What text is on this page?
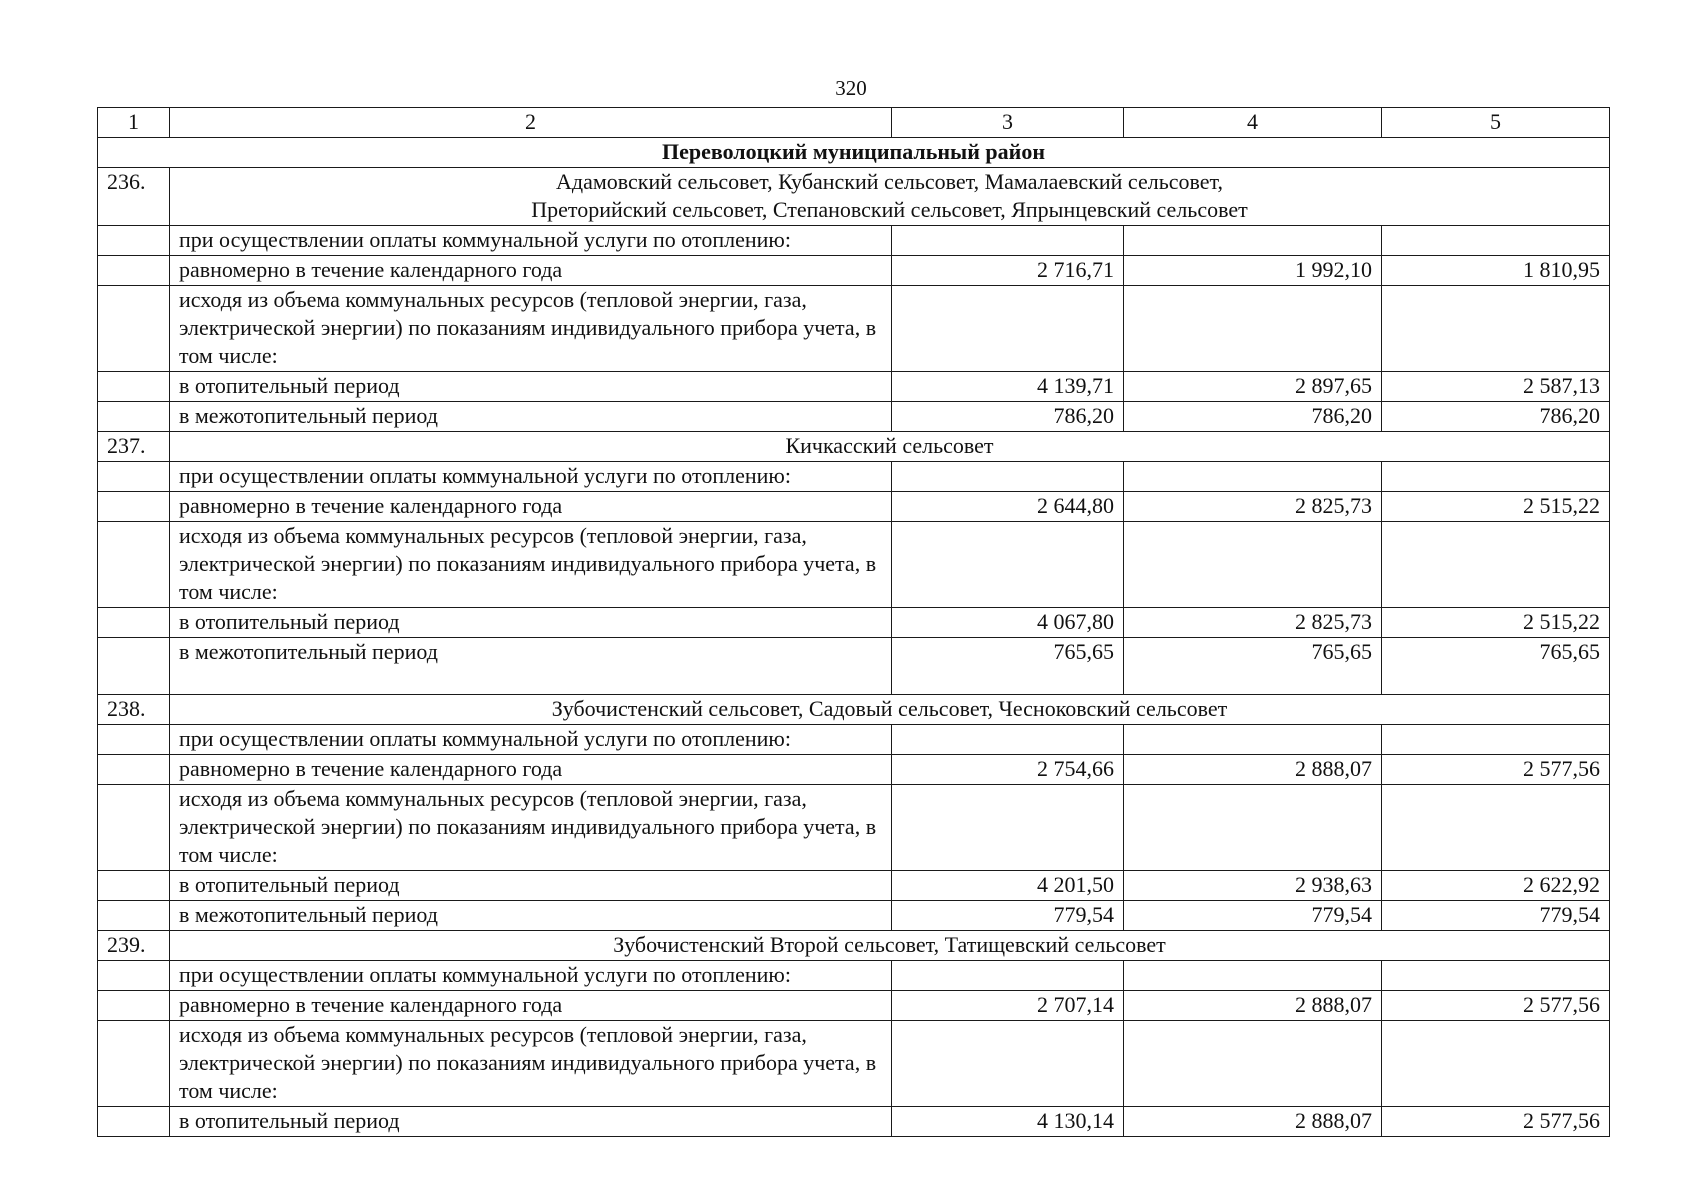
320
1	2	3	4	5
Переволоцкий муниципальный район				
236.	Адамовский сельсовет, Кубанский сельсовет, Мамалаевский сельсовет,
Преторийский сельсовет, Степановский сельсовет, Япрынцевский сельсовет			

	при осуществлении оплаты коммунальной услуги по отоплению:			
	равномерно в течение календарного года	2 716,71	1 992,10	1 810,95
	исходя из объема коммунальных ресурсов (тепловой энергии, газа, электрической энергии) по показаниям индивидуального прибора учета, в том числе:			
	в отопительный период	4 139,71	2 897,65	2 587,13
	в межотопительный период	786,20	786,20	786,20
237.	Кичкасский сельсовет			
	при осуществлении оплаты коммунальной услуги по отоплению:			
	равномерно в течение календарного года	2 644,80	2 825,73	2 515,22
	исходя из объема коммунальных ресурсов (тепловой энергии, газа, электрической энергии) по показаниям индивидуального прибора учета, в том числе:			
	в отопительный период	4 067,80	2 825,73	2 515,22
	в межотопительный период	765,65	765,65	765,65
238.	Зубочистенский сельсовет, Садовый сельсовет, Чесноковский сельсовет			
	при осуществлении оплаты коммунальной услуги по отоплению:			
	равномерно в течение календарного года	2 754,66	2 888,07	2 577,56
	исходя из объема коммунальных ресурсов (тепловой энергии, газа, электрической энергии) по показаниям индивидуального прибора учета, в том числе:			
	в отопительный период	4 201,50	2 938,63	2 622,92
	в межотопительный период	779,54	779,54	779,54
239.	Зубочистенский Второй сельсовет, Татищевский сельсовет			
	при осуществлении оплаты коммунальной услуги по отоплению:			
	равномерно в течение календарного года	2 707,14	2 888,07	2 577,56
	исходя из объема коммунальных ресурсов (тепловой энергии, газа, электрической энергии) по показаниям индивидуального прибора учета, в том числе:			
	в отопительный период	4 130,14	2 888,07	2 577,56
